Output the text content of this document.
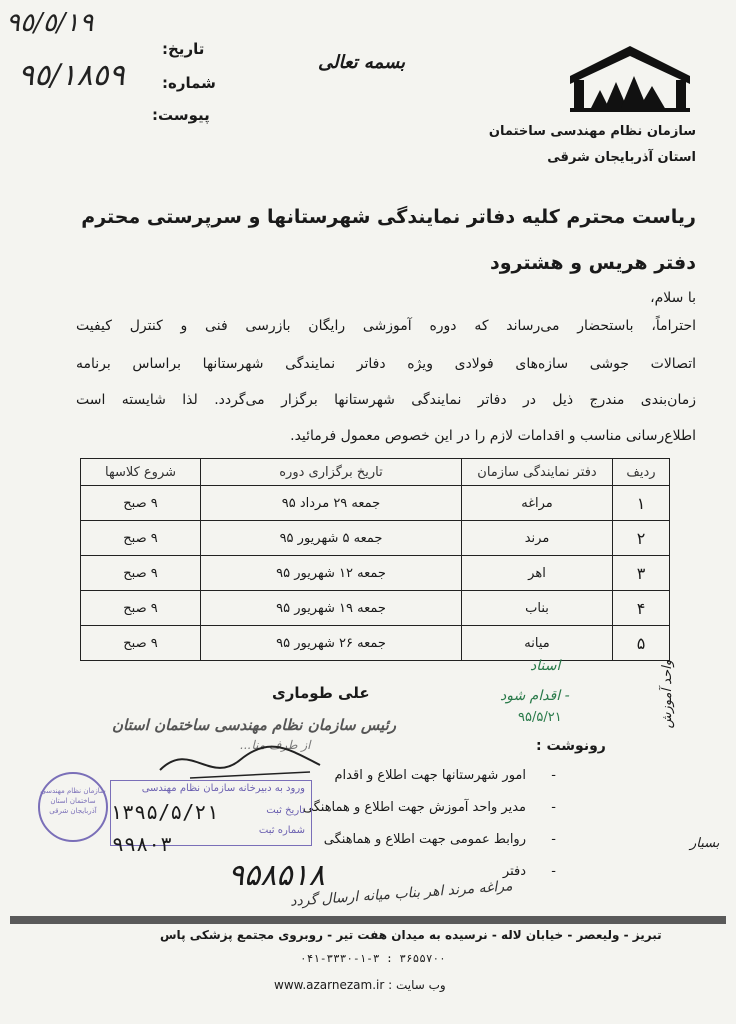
٩٥/٥/١٩
٩٥/١٨٥٩
تاریخ:
شماره:
پیوست:
بسمه تعالی
سازمان نظام مهندسی ساختمان
استان آذربایجان شرقی
ریاست محترم کلیه دفاتر نمایندگی شهرستانها و سرپرستی محترم
دفتر هریس و هشترود
با سلام،
احتراماً، باستحضار می‌رساند که دوره آموزشی رایگان بازرسی فنی و کنترل کیفیت
اتصالات جوشی سازه‌های فولادی ویژه دفاتر نمایندگی شهرستانها براساس برنامه
زمان‌بندی مندرج ذیل در دفاتر نمایندگی شهرستانها برگزار می‌گردد. لذا شایسته است
اطلاع‌رسانی مناسب و اقدامات لازم را در این خصوص معمول فرمائید.
ردیف	دفتر نمایندگی سازمان	تاریخ برگزاری دوره	شروع کلاسها
۱	مراغه	جمعه ۲۹ مرداد ۹۵	۹ صبح
۲	مرند	جمعه ۵ شهریور ۹۵	۹ صبح
۳	اهر	جمعه ۱۲ شهریور ۹۵	۹ صبح
۴	بناب	جمعه ۱۹ شهریور ۹۵	۹ صبح
۵	میانه	جمعه ۲۶ شهریور ۹۵	۹ صبح
اسناد
- اقدام شود
۹۵/۵/۲۱	واحد آموزش
بسیار
علی طوماری
رئیس سازمان نظام مهندسی ساختمان استان
از طرف منا...	رونوشت :
امور شهرستانها جهت اطلاع و اقدام
مدیر واحد آموزش جهت اطلاع و هماهنگی
روابط عمومی جهت اطلاع و هماهنگی
دفتر
-
-
-
-
سازمان نظام مهندسی ساختمان استان آذربایجان شرقی
ورود به دبیرخانه سازمان نظام مهندسی
تاریخ ثبت
شماره ثبت
۱۳۹۵/۵/۲۱
۹۹۸۰۳
۹۵۸۵۱۸
مراغه مرند اهر بناب میانه ارسال گردد
تبریز - ولیعصر - خیابان لاله - نرسیده به میدان هفت تیر - روبروی مجتمع پزشکی پاس
۰۴۱-۳۳۳۰-۱-۳ : ۳۶۵۵۷۰۰
وب سایت : www.azarnezam.ir
